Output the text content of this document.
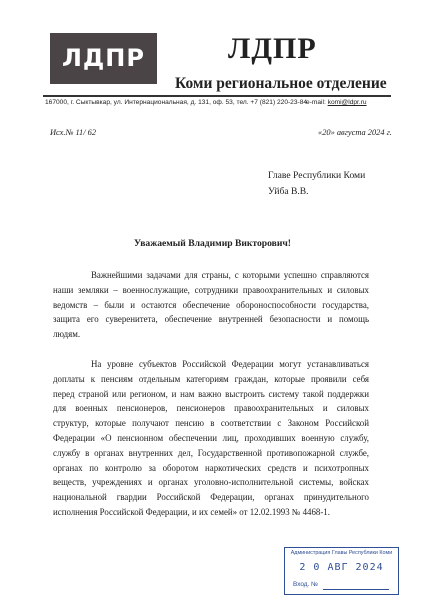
ЛДПР	ЛДПР
Коми региональное отделение
167000, г. Сыктывкар, ул. Интернациональная, д. 131, оф. 53, тел. +7 (821) 220-23-84
e-mail: komi@ldpr.ru
Исх.№ 11/ 62	«20» августа 2024 г.
Главе Республики Коми
Уйба В.В.
Уважаемый Владимир Викторович!
Важнейшими задачами для страны, с которыми успешно справляются
наши земляки – военнослужащие, сотрудники правоохранительных и силовых
ведомств – были и остаются обеспечение обороноспособности государства,
защита его суверенитета, обеспечение внутренней безопасности и помощь
людям.
На уровне субъектов Российской Федерации могут устанавливаться
доплаты к пенсиям отдельным категориям граждан, которые проявили себя
перед страной или регионом, и нам важно выстроить систему такой поддержки
для военных пенсионеров, пенсионеров правоохранительных и силовых
структур, которые получают пенсию в соответствии с Законом Российской
Федерации «О пенсионном обеспечении лиц, проходивших военную службу,
службу в органах внутренних дел, Государственной противопожарной службе,
органах по контролю за оборотом наркотических средств и психотропных
веществ, учреждениях и органах уголовно-исполнительной системы, войсках
национальной гвардии Российской Федерации, органах принудительного
исполнения Российской Федерации, и их семей» от 12.02.1993 № 4468-1.
Администрация Главы Республики Коми
2 0 АВГ 2024
Вход. №
